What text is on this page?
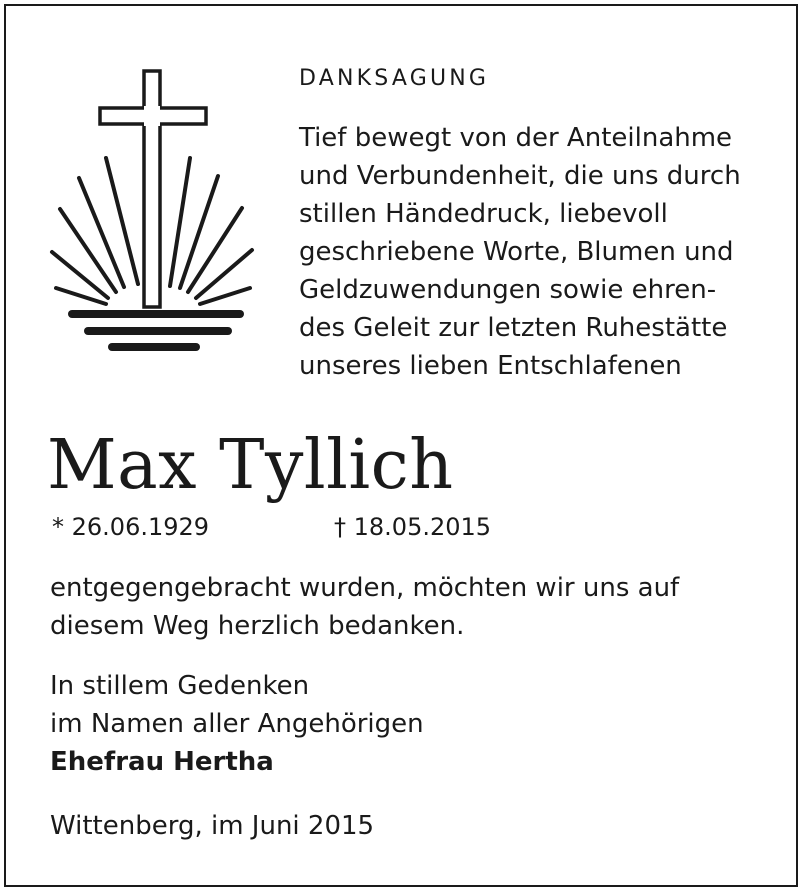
DANKSAGUNG
Tief bewegt von der Anteilnahme
und Verbundenheit, die uns durch
stillen Händedruck, liebevoll
geschriebene Worte, Blumen und
Geldzuwendungen sowie ehren-
des Geleit zur letzten Ruhestätte
unseres lieben Entschlafenen
Max Tyllich
* 26.06.1929	† 18.05.2015
entgegengebracht wurden, möchten wir uns auf
diesem Weg herzlich bedanken.
In stillem Gedenken
im Namen aller Angehörigen
Ehefrau Hertha
Wittenberg, im Juni 2015
